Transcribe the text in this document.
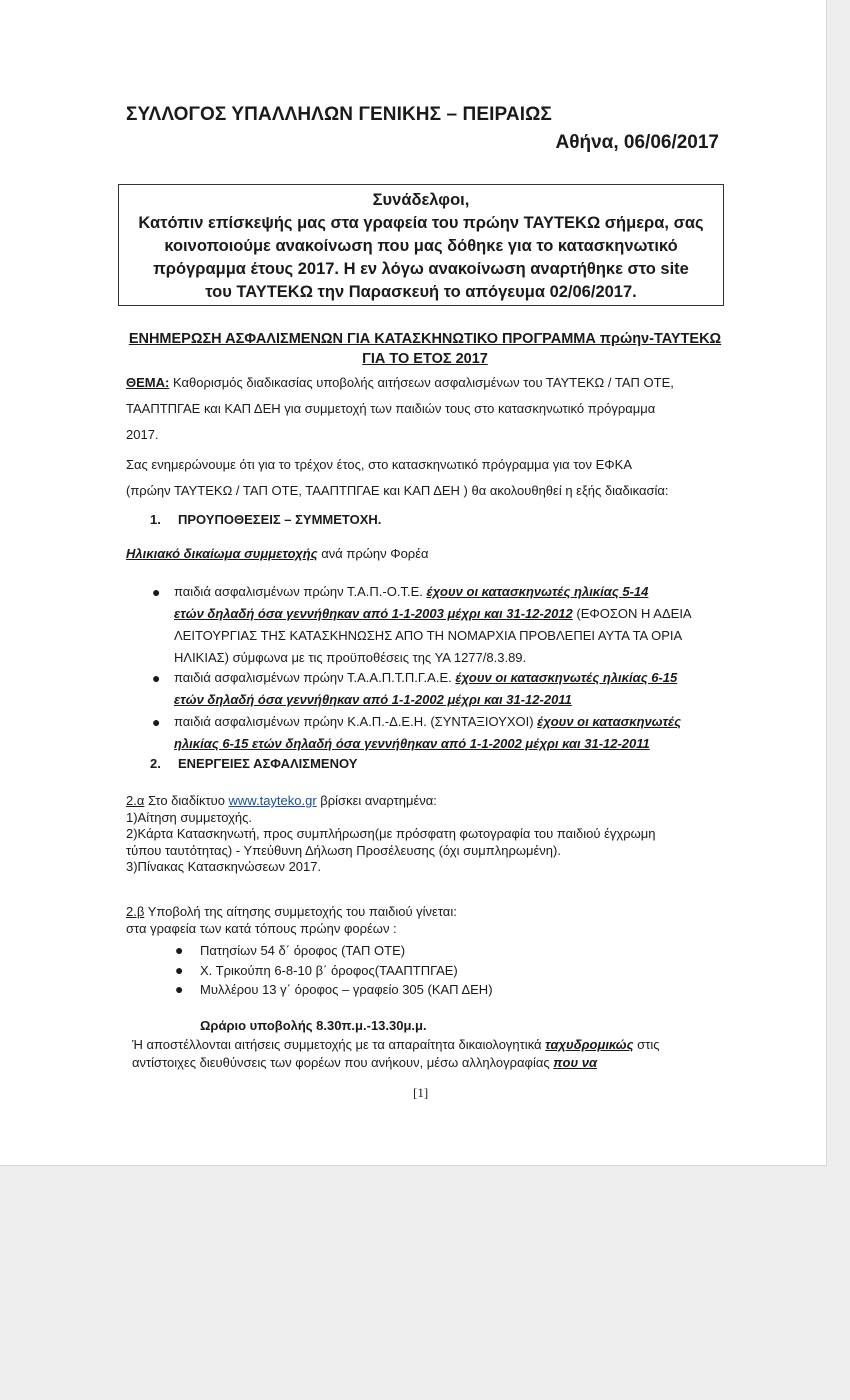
ΣΥΛΛΟΓΟΣ ΥΠΑΛΛΗΛΩΝ ΓΕΝΙΚΗΣ – ΠΕΙΡΑΙΩΣ
Αθήνα, 06/06/2017
Συνάδελφοι,
Κατόπιν επίσκεψής μας στα γραφεία του πρώην ΤΑΥΤΕΚΩ σήμερα, σας
κοινοποιούμε ανακοίνωση που μας δόθηκε για το κατασκηνωτικό
πρόγραμμα έτους 2017. Η εν λόγω ανακοίνωση αναρτήθηκε στο site
του ΤΑΥΤΕΚΩ την Παρασκευή το απόγευμα 02/06/2017.
ΕΝΗΜΕΡΩΣΗ ΑΣΦΑΛΙΣΜΕΝΩΝ ΓΙΑ ΚΑΤΑΣΚΗΝΩΤΙΚΟ ΠΡΟΓΡΑΜΜΑ πρώην-ΤΑΥΤΕΚΩ
ΓΙΑ ΤΟ ΕΤΟΣ 2017
ΘΕΜΑ: Καθορισμός διαδικασίας υποβολής αιτήσεων ασφαλισμένων του ΤΑΥΤΕΚΩ / ΤΑΠ ΟΤΕ,
ΤΑΑΠΤΠΓΑΕ και ΚΑΠ ΔΕΗ για συμμετοχή των παιδιών τους στο κατασκηνωτικό πρόγραμμα
2017.
Σας ενημερώνουμε ότι για το τρέχον έτος, στο κατασκηνωτικό πρόγραμμα για τον ΕΦΚΑ
(πρώην ΤΑΥΤΕΚΩ / ΤΑΠ ΟΤΕ, ΤΑΑΠΤΠΓΑΕ και ΚΑΠ ΔΕΗ ) θα ακολουθηθεί η εξής διαδικασία:
1. ΠΡΟΥΠΟΘΕΣΕΙΣ – ΣΥΜΜΕΤΟΧΗ.
Ηλικιακό δικαίωμα συμμετοχής ανά πρώην Φορέα
● παιδιά ασφαλισμένων πρώην Τ.Α.Π.-Ο.Τ.Ε. έχουν οι κατασκηνωτές ηλικίας 5-14
ετών δηλαδή όσα γεννήθηκαν από 1-1-2003 μέχρι και 31-12-2012 (ΕΦΟΣΟΝ Η ΑΔΕΙΑ
ΛΕΙΤΟΥΡΓΙΑΣ ΤΗΣ ΚΑΤΑΣΚΗΝΩΣΗΣ ΑΠΟ ΤΗ ΝΟΜΑΡΧΙΑ ΠΡΟΒΛΕΠΕΙ ΑΥΤΑ ΤΑ ΟΡΙΑ
ΗΛΙΚΙΑΣ) σύμφωνα με τις προϋποθέσεις της ΥΑ 1277/8.3.89.
● παιδιά ασφαλισμένων πρώην Τ.Α.Α.Π.Τ.Π.Γ.Α.Ε. έχουν οι κατασκηνωτές ηλικίας 6-15
ετών δηλαδή όσα γεννήθηκαν από 1-1-2002 μέχρι και 31-12-2011
● παιδιά ασφαλισμένων πρώην Κ.Α.Π.-Δ.Ε.Η. (ΣΥΝΤΑΞΙΟΥΧΟΙ) έχουν οι κατασκηνωτές
ηλικίας 6-15 ετών δηλαδή όσα γεννήθηκαν από 1-1-2002 μέχρι και 31-12-2011
2. ΕΝΕΡΓΕΙΕΣ ΑΣΦΑΛΙΣΜΕΝΟΥ
2.α Στο διαδίκτυο www.tayteko.gr βρίσκει αναρτημένα:
1)Αίτηση συμμετοχής.
2)Κάρτα Κατασκηνωτή, προς συμπλήρωση(με πρόσφατη φωτογραφία του παιδιού έγχρωμη
τύπου ταυτότητας) - Υπεύθυνη Δήλωση Προσέλευσης (όχι συμπληρωμένη).
3)Πίνακας Κατασκηνώσεων 2017.
2.β Υποβολή της αίτησης συμμετοχής του παιδιού γίνεται:
στα γραφεία των κατά τόπους πρώην φορέων :
● Πατησίων 54 δ΄ όροφος (ΤΑΠ ΟΤΕ)
● Χ. Τρικούπη 6-8-10 β΄ όροφος(ΤΑΑΠΤΠΓΑΕ)
● Μυλλέρου 13 γ΄ όροφος – γραφείο 305 (ΚΑΠ ΔΕΗ)
Ωράριο υποβολής 8.30π.μ.-13.30μ.μ.
Ή αποστέλλονται αιτήσεις συμμετοχής με τα απαραίτητα δικαιολογητικά ταχυδρομικώς στις
αντίστοιχες διευθύνσεις των φορέων που ανήκουν, μέσω αλληλογραφίας που να
[1]
